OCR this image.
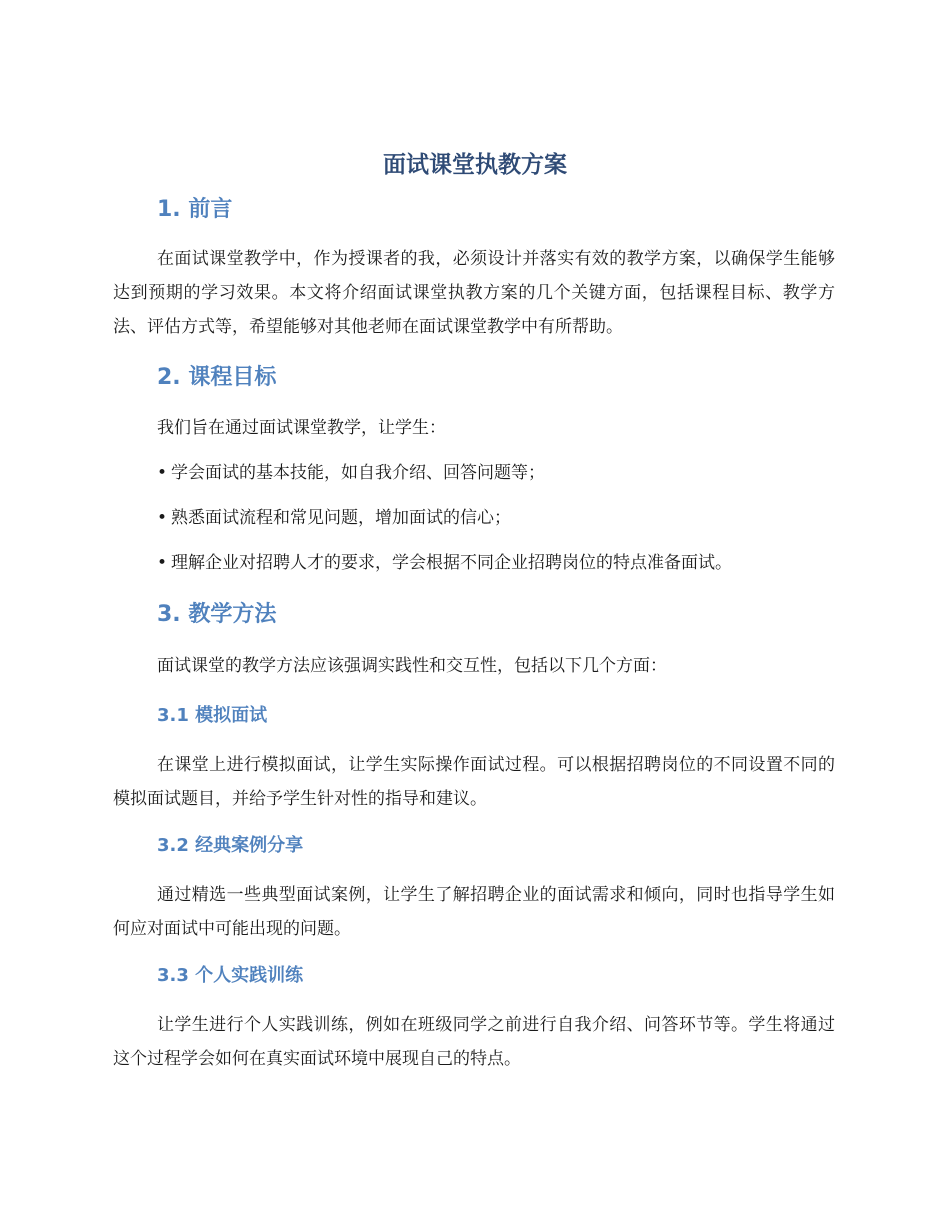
面试课堂执教方案
1. 前言

在面试课堂教学中，作为授课者的我，必须设计并落实有效的教学方案，以确保学生能够达到预期的学习效果。本文将介绍面试课堂执教方案的几个关键方面，包括课程目标、教学方法、评估方式等，希望能够对其他老师在面试课堂教学中有所帮助。

2. 课程目标

我们旨在通过面试课堂教学，让学生：

• 学会面试的基本技能，如自我介绍、回答问题等；

• 熟悉面试流程和常见问题，增加面试的信心；

• 理解企业对招聘人才的要求，学会根据不同企业招聘岗位的特点准备面试。

3. 教学方法

面试课堂的教学方法应该强调实践性和交互性，包括以下几个方面：

3.1 模拟面试

在课堂上进行模拟面试，让学生实际操作面试过程。可以根据招聘岗位的不同设置不同的模拟面试题目，并给予学生针对性的指导和建议。

3.2 经典案例分享

通过精选一些典型面试案例，让学生了解招聘企业的面试需求和倾向，同时也指导学生如何应对面试中可能出现的问题。

3.3 个人实践训练

让学生进行个人实践训练，例如在班级同学之前进行自我介绍、问答环节等。学生将通过这个过程学会如何在真实面试环境中展现自己的特点。
